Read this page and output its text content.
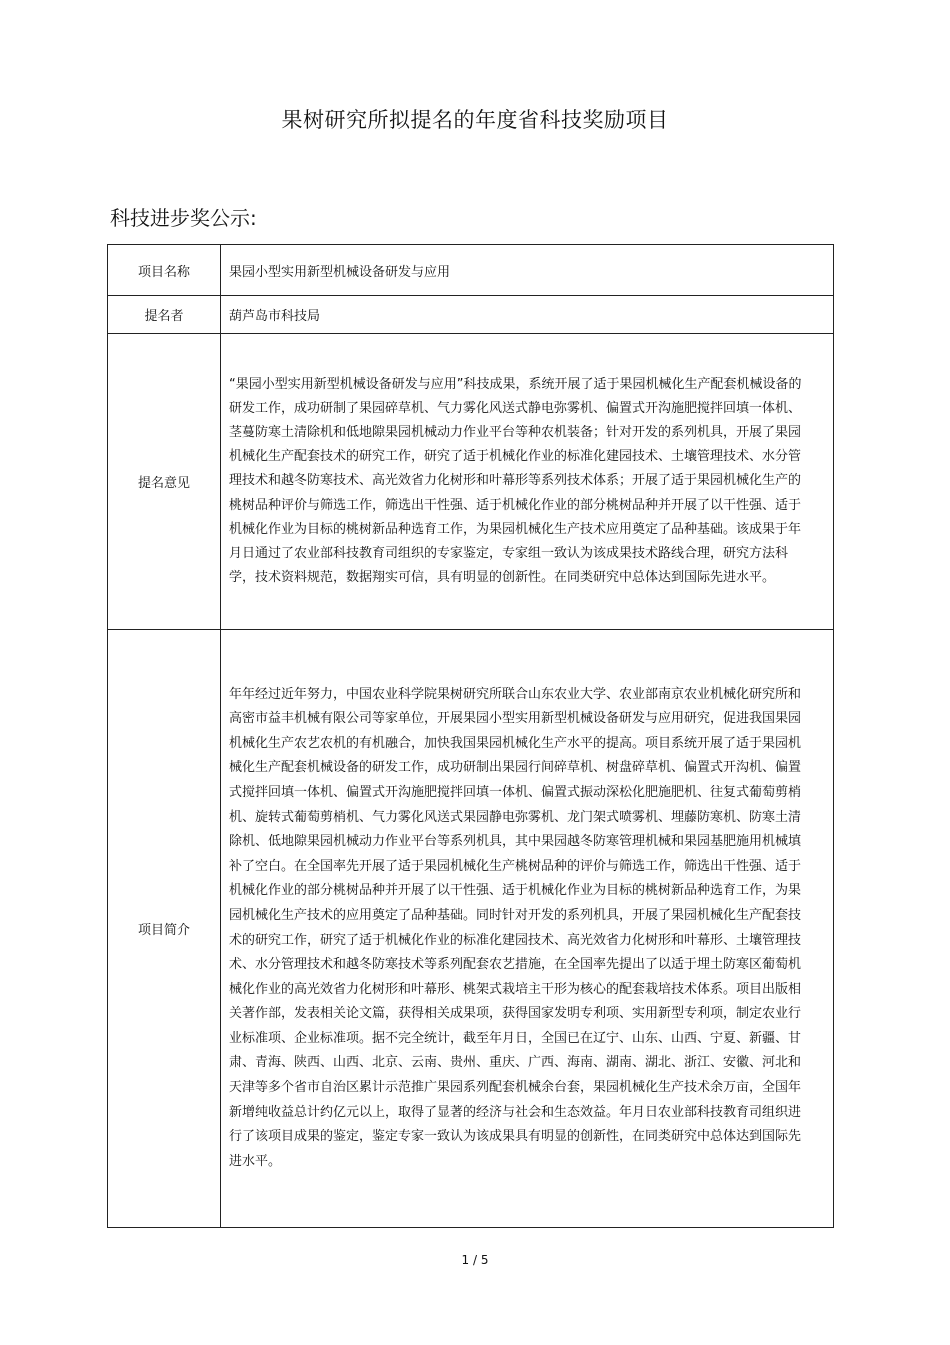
果树研究所拟提名的年度省科技奖励项目
科技进步奖公示:
项目名称	果园小型实用新型机械设备研发与应用
提名者	葫芦岛市科技局
提名意见	“果园小型实用新型机械设备研发与应用”科技成果，系统开展了适于果园机械化生产配套机械设备的研发工作，成功研制了果园碎草机、气力雾化风送式静电弥雾机、偏置式开沟施肥搅拌回填一体机、茎蔓防寒土清除机和低地隙果园机械动力作业平台等种农机装备；针对开发的系列机具，开展了果园机械化生产配套技术的研究工作，研究了适于机械化作业的标准化建园技术、土壤管理技术、水分管理技术和越冬防寒技术、高光效省力化树形和叶幕形等系列技术体系；开展了适于果园机械化生产的桃树品种评价与筛选工作，筛选出干性强、适于机械化作业的部分桃树品种并开展了以干性强、适于机械化作业为目标的桃树新品种选育工作，为果园机械化生产技术应用奠定了品种基础。该成果于年月日通过了农业部科技教育司组织的专家鉴定，专家组一致认为该成果技术路线合理，研究方法科学，技术资料规范，数据翔实可信，具有明显的创新性。在同类研究中总体达到国际先进水平。

项目简介	年年经过近年努力，中国农业科学院果树研究所联合山东农业大学、农业部南京农业机械化研究所和高密市益丰机械有限公司等家单位，开展果园小型实用新型机械设备研发与应用研究，促进我国果园机械化生产农艺农机的有机融合，加快我国果园机械化生产水平的提高。项目系统开展了适于果园机械化生产配套机械设备的研发工作，成功研制出果园行间碎草机、树盘碎草机、偏置式开沟机、偏置式搅拌回填一体机、偏置式开沟施肥搅拌回填一体机、偏置式振动深松化肥施肥机、往复式葡萄剪梢机、旋转式葡萄剪梢机、气力雾化风送式果园静电弥雾机、龙门架式喷雾机、埋藤防寒机、防寒土清除机、低地隙果园机械动力作业平台等系列机具，其中果园越冬防寒管理机械和果园基肥施用机械填补了空白。在全国率先开展了适于果园机械化生产桃树品种的评价与筛选工作，筛选出干性强、适于机械化作业的部分桃树品种并开展了以干性强、适于机械化作业为目标的桃树新品种选育工作，为果园机械化生产技术的应用奠定了品种基础。同时针对开发的系列机具，开展了果园机械化生产配套技术的研究工作，研究了适于机械化作业的标准化建园技术、高光效省力化树形和叶幕形、土壤管理技术、水分管理技术和越冬防寒技术等系列配套农艺措施，在全国率先提出了以适于埋土防寒区葡萄机械化作业的高光效省力化树形和叶幕形、桃架式栽培主干形为核心的配套栽培技术体系。项目出版相关著作部，发表相关论文篇，获得相关成果项，获得国家发明专利项、实用新型专利项，制定农业行业标准项、企业标准项。据不完全统计，截至年月日，全国已在辽宁、山东、山西、宁夏、新疆、甘肃、青海、陕西、山西、北京、云南、贵州、重庆、广西、海南、湖南、湖北、浙江、安徽、河北和天津等多个省市自治区累计示范推广果园系列配套机械余台套，果园机械化生产技术余万亩，全国年新增纯收益总计约亿元以上，取得了显著的经济与社会和生态效益。年月日农业部科技教育司组织进行了该项目成果的鉴定，鉴定专家一致认为该成果具有明显的创新性，在同类研究中总体达到国际先进水平。

1 / 5
